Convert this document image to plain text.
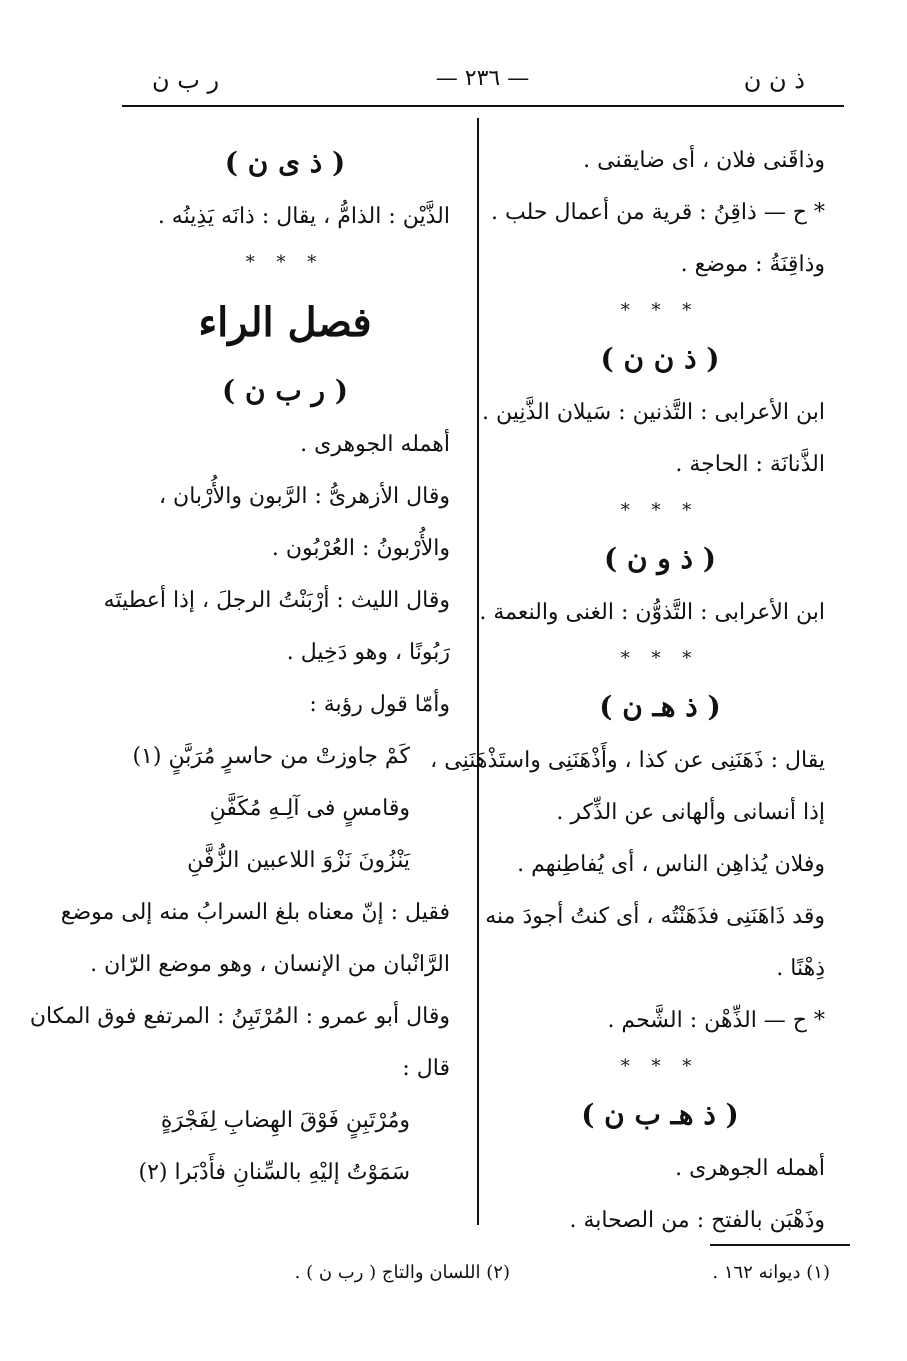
ذ ن ن
— ٢٣٦ —
ر ب ن
وذاقَنى فلان ، أى ضايقنى .
* ح — ذاقِنُ : قرية من أعمال حلب .
وذاقِنَةُ : موضع .
* * *
( ذ ن ن )
ابن الأعرابى : التَّذنين : سَيلان الذَّنِين .
الذَّنانَة : الحاجة .
* * *
( ذ و ن )
ابن الأعرابى : التَّذوُّن : الغنى والنعمة .
* * *
( ذ هـ ن )
يقال : ذَهَنَنِى عن كذا ، وأَذْهَنَنِى واستَذْهَنَنِى ،
إذا أنسانى وألهانى عن الذِّكر .
وفلان يُذاهِن الناس ، أى يُفاطِنهم .
وقد ذَاهَنَنِى فذَهَنْتُه ، أى كنتُ أجودَ منه
ذِهْنًا .
* ح — الذِّهْن : الشَّحم .
* * *
( ذ هـ ب ن )
أهمله الجوهرى .
وذَهْبَن بالفتح : من الصحابة .
( ذ ى ن )
الذَّيْن : الذامُّ ، يقال : ذانَه يَذِينُه .
* * *
فصل الراء
( ر ب ن )
أهمله الجوهرى .
وقال الأزهرىُّ : الرَّبون والأُرْبان ،
والأُرْبونُ : العُرْبُون .
وقال الليث : أرْبَنْتُ الرجلَ ، إذا أعطيتَه
رَبُونًا ، وهو دَخِيل .
وأمّا قول رؤبة :
كَمْ جاوزتْ من حاسرٍ مُرَبَّنٍ (١)
وقامسٍ فى آلِـهِ مُكَفَّنِ
يَنْزُونَ نَزْوَ اللاعبين الزُّفَّنِ
فقيل : إنّ معناه بلغ السرابُ منه إلى موضع
الرَّانْبان من الإنسان ، وهو موضع الرّان .
وقال أبو عمرو : المُرْتَبِنُ : المرتفع فوق المكان
قال :
ومُرْتَبِنٍ فَوْقَ الهِضابِ لِفَجْرَةٍ
سَمَوْتُ إليْهِ بالسِّنانِ فأَدْبَرا (٢)
(١) ديوانه ١٦٢ .
(٢) اللسان والتاج ( رب ن ) .
